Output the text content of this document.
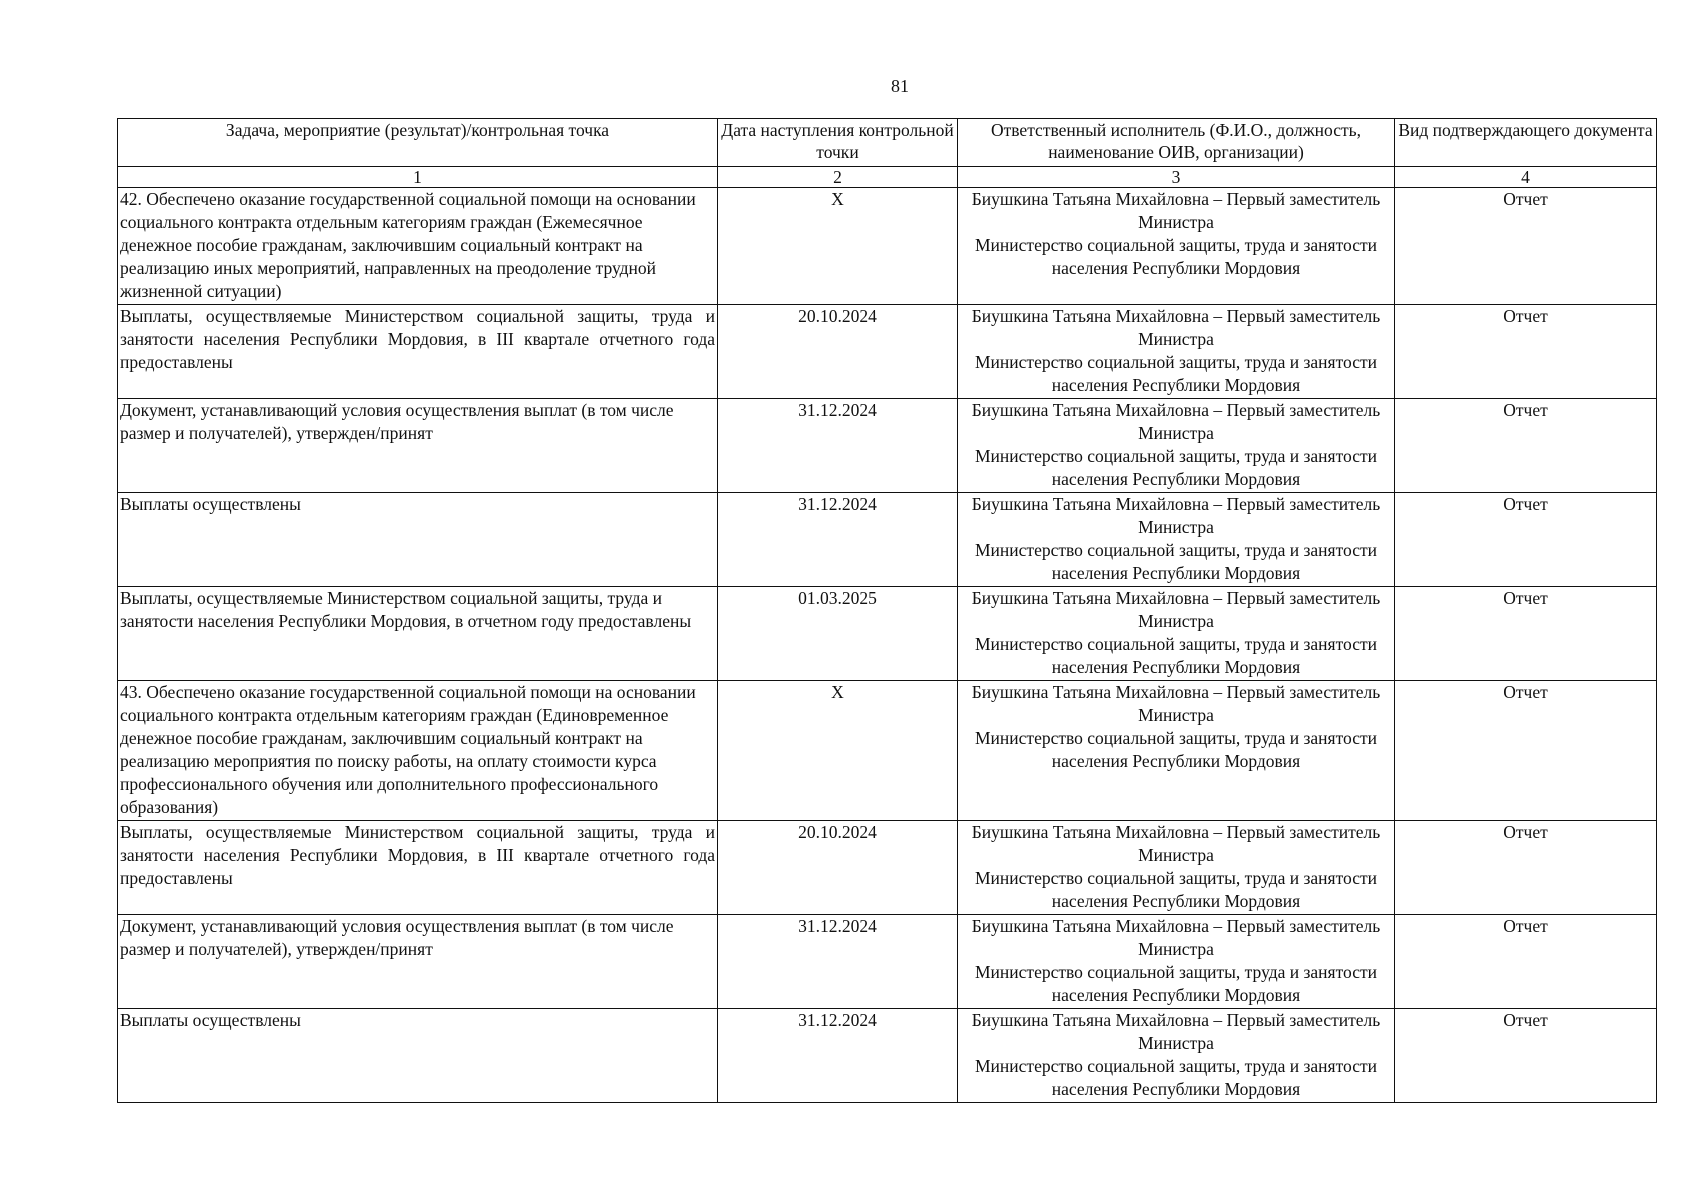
81
Задача, мероприятие (результат)/контрольная точка	Дата наступления контрольной точки	Ответственный исполнитель (Ф.И.О., должность, наименование ОИВ, организации)	Вид подтверждающего документа
1	2	3	4
42. Обеспечено оказание государственной социальной помощи на основании социального контракта отдельным категориям граждан (Ежемесячное денежное пособие гражданам, заключившим социальный контракт на реализацию иных мероприятий, направленных на преодоление трудной жизненной ситуации)	X	Биушкина Татьяна Михайловна – Первый заместитель Министра
Министерство социальной защиты, труда и занятости населения Республики Мордовия	Отчет
Выплаты, осуществляемые Министерством социальной защиты, труда и занятости населения Республики Мордовия, в III квартале отчетного года предоставлены	20.10.2024	Биушкина Татьяна Михайловна – Первый заместитель Министра
Министерство социальной защиты, труда и занятости населения Республики Мордовия	Отчет
Документ, устанавливающий условия осуществления выплат (в том числе размер и получателей), утвержден/принят	31.12.2024	Биушкина Татьяна Михайловна – Первый заместитель Министра
Министерство социальной защиты, труда и занятости населения Республики Мордовия	Отчет
Выплаты осуществлены	31.12.2024	Биушкина Татьяна Михайловна – Первый заместитель Министра
Министерство социальной защиты, труда и занятости населения Республики Мордовия	Отчет
Выплаты, осуществляемые Министерством социальной защиты, труда и занятости населения Республики Мордовия, в отчетном году предоставлены	01.03.2025	Биушкина Татьяна Михайловна – Первый заместитель Министра
Министерство социальной защиты, труда и занятости населения Республики Мордовия	Отчет
43. Обеспечено оказание государственной социальной помощи на основании социального контракта отдельным категориям граждан (Единовременное денежное пособие гражданам, заключившим социальный контракт на реализацию мероприятия по поиску работы, на оплату стоимости курса профессионального обучения или дополнительного профессионального образования)	X	Биушкина Татьяна Михайловна – Первый заместитель Министра
Министерство социальной защиты, труда и занятости населения Республики Мордовия	Отчет
Выплаты, осуществляемые Министерством социальной защиты, труда и занятости населения Республики Мордовия, в III квартале отчетного года предоставлены	20.10.2024	Биушкина Татьяна Михайловна – Первый заместитель Министра
Министерство социальной защиты, труда и занятости населения Республики Мордовия	Отчет
Документ, устанавливающий условия осуществления выплат (в том числе размер и получателей), утвержден/принят	31.12.2024	Биушкина Татьяна Михайловна – Первый заместитель Министра
Министерство социальной защиты, труда и занятости населения Республики Мордовия	Отчет
Выплаты осуществлены	31.12.2024	Биушкина Татьяна Михайловна – Первый заместитель Министра
Министерство социальной защиты, труда и занятости населения Республики Мордовия	Отчет
